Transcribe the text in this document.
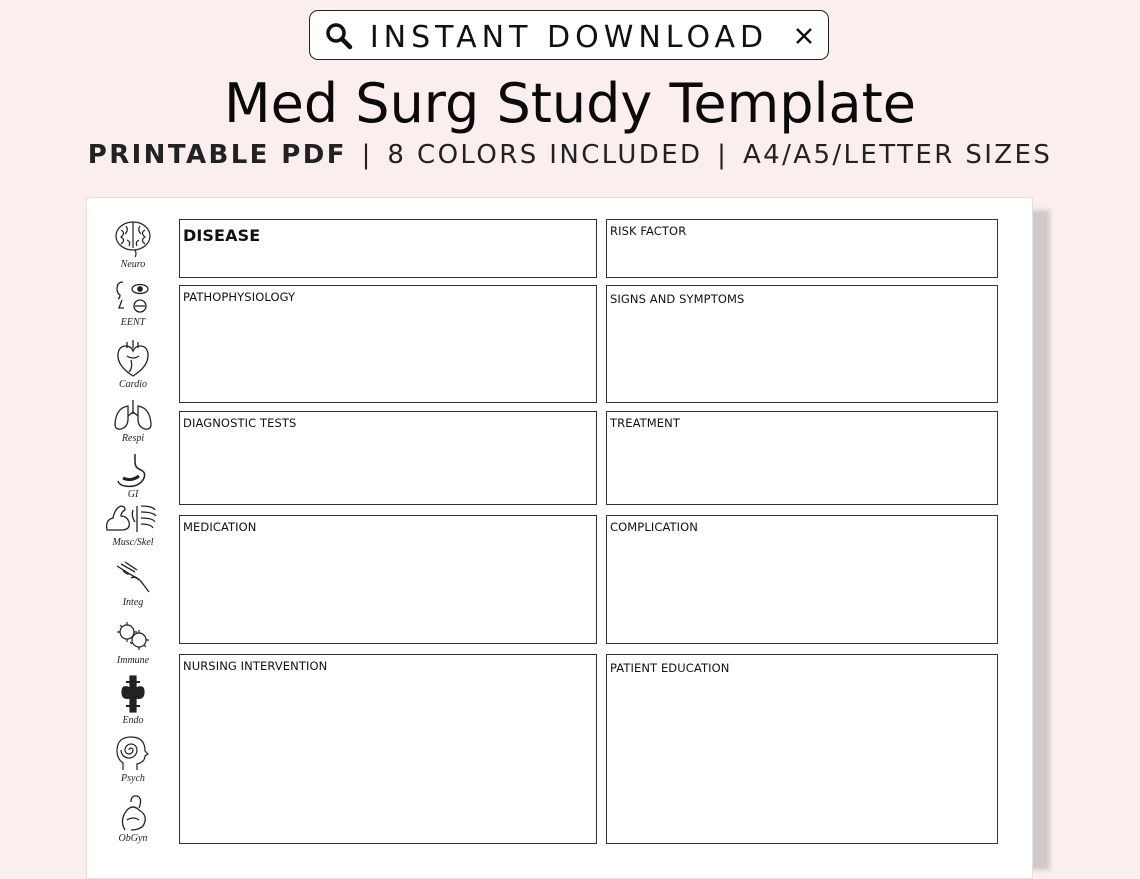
INSTANT DOWNLOAD
Med Surg Study Template
PRINTABLE PDF | 8 COLORS INCLUDED | A4/A5/LETTER SIZES
Neuro
EENT
Cardio
Respi
GI
Musc/Skel
Integ
Immune
Endo
Psych
ObGyn
DISEASE
PATHOPHYSIOLOGY
DIAGNOSTIC TESTS
MEDICATION
NURSING INTERVENTION
RISK FACTOR
SIGNS AND SYMPTOMS
TREATMENT
COMPLICATION
PATIENT EDUCATION
